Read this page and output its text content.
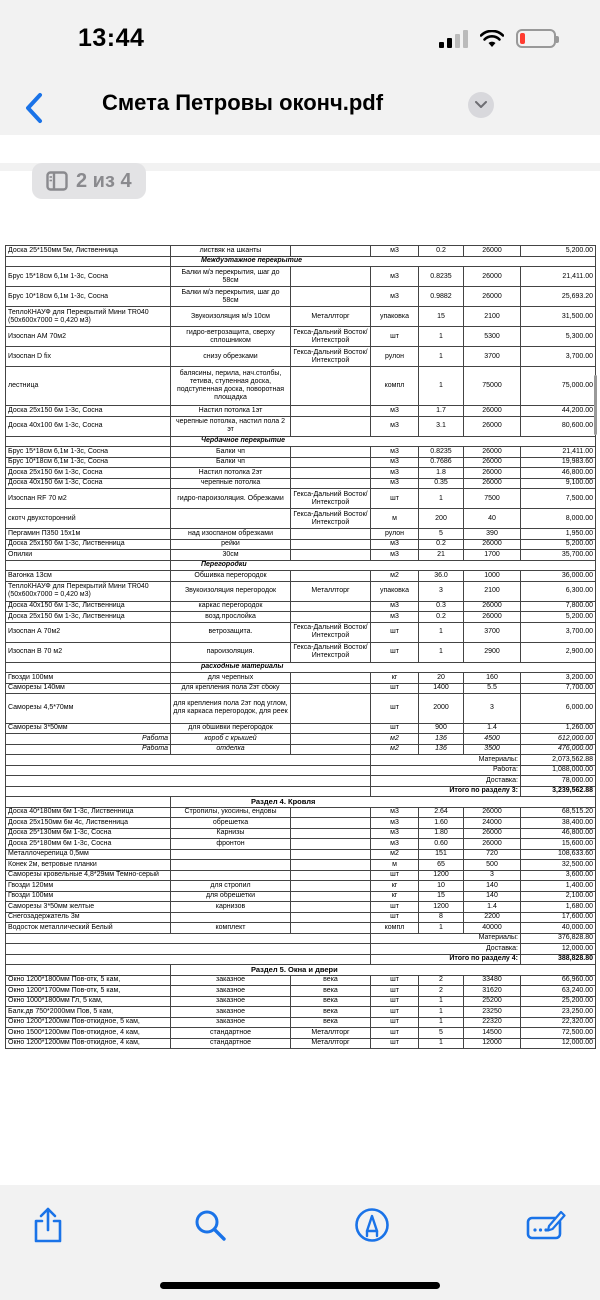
13:44
Смета Петровы оконч.pdf
2 из 4
Доска 25*150мм 5м, Лиственница	листвяк на шканты		м3	0.2	26000	5,200.00
	Междуэтажное перекрытие					
Брус 15*18см 6,1м 1-3с, Сосна	Балки м/э перекрытия, шаг до 58см		м3	0.8235	26000	21,411.00
Брус 10*18см 6,1м 1-3с, Сосна	Балки м/э перекрытия, шаг до 58см		м3	0.9882	26000	25,693.20
ТеплоКНАУФ для Перекрытий Мини TR040 (50х600х7000 = 0,420 м3)	Звукоизоляция м/э 10см	Металлторг	упаковка	15	2100	31,500.00
Изоспан АМ 70м2	гидро-ветрозащита, сверху сплошником	Гекса-Дальний Восток/Интекстрой	шт	1	5300	5,300.00
Изоспан D fix	снизу обрезками	Гекса-Дальний Восток/Интекстрой	рулон	1	3700	3,700.00
лестница	балясины, перила, нач.столбы, тетива, ступенная доска, подступенная доска, поворотная площадка		компл	1	75000	75,000.00
Доска 25х150 6м 1-3с, Сосна	Настил потолка 1эт		м3	1.7	26000	44,200.00
Доска 40х100 6м 1-3с, Сосна	черепные потолка, настил пола 2 эт		м3	3.1	26000	80,600.00
	Чердачное перекрытие					
Брус 15*18см 6,1м 1-3с, Сосна	Балки чп		м3	0.8235	26000	21,411.00
Брус 10*18см 6,1м 1-3с, Сосна	Балки чп		м3	0.7686	26000	19,983.60
Доска 25х150 6м 1-3с, Сосна	Настил потолка 2эт		м3	1.8	26000	46,800.00
Доска 40х150 6м 1-3с, Сосна	черепные потолка		м3	0.35	26000	9,100.00
Изоспан RF 70 м2	гидро-пароизоляция. Обрезками	Гекса-Дальний Восток/Интекстрой	шт	1	7500	7,500.00
скотч двухсторонний		Гекса-Дальний Восток/Интекстрой	м	200	40	8,000.00
Пергамин П350 15х1м	над изоспаном обрезками		рулон	5	390	1,950.00
Доска 25х150 6м 1-3с, Лиственница	рейки		м3	0.2	26000	5,200.00
Опилки	30см		м3	21	1700	35,700.00
	Перегородки					
Вагонка 13см	Обшивка перегородок		м2	36.0	1000	36,000.00
ТеплоКНАУФ для Перекрытий Мини TR040 (50х600х7000 = 0,420 м3)	Звукоизоляция перегородок	Металлторг	упаковка	3	2100	6,300.00
Доска 40х150 6м 1-3с, Лиственница	каркас перегородок		м3	0.3	26000	7,800.00
Доска 25х150 6м 1-3с, Лиственница	возд.прослойка		м3	0.2	26000	5,200.00
Изоспан А 70м2	ветрозащита.	Гекса-Дальний Восток/Интекстрой	шт	1	3700	3,700.00
Изоспан В 70 м2	пароизоляция.	Гекса-Дальний Восток/Интекстрой	шт	1	2900	2,900.00
	расходные материалы					
Гвозди 100мм	для черепных		кг	20	160	3,200.00
Саморезы 140мм	для крепления пола 2эт сбоку		шт	1400	5.5	7,700.00
Саморезы 4,5*70мм	для крепления пола 2эт под углом, для каркаса перегородок, для реек		шт	2000	3	6,000.00
Саморезы 3*50мм	для обшивки перегородок		шт	900	1.4	1,260.00
Работа	короб с крышей		м2	136	4500	612,000.00
Работа	отделка		м2	136	3500	476,000.00
			Материалы:			2,073,562.88
			Работа:			1,088,000.00
			Доставка:			78,000.00
			Итого по разделу 3:			3,239,562.88
	Раздел 4. Кровля					
Доска 40*180мм 6м 1-3с, Лиственница	Стропилы, укосины, ендовы		м3	2.64	26000	68,515.20
Доска 25х150мм 6м 4с, Лиственница	обрешетка		м3	1.60	24000	38,400.00
Доска 25*130мм 6м 1-3с, Сосна	Карнизы		м3	1.80	26000	46,800.00
Доска 25*180мм 6м 1-3с, Сосна	фронтон		м3	0.60	26000	15,600.00
Металлочерепица 0,5мм			м2	151	720	108,633.60
Конек 2м, ветровые планки			м	65	500	32,500.00
Саморезы кровельные 4,8*29мм Темно-серый			шт	1200	3	3,600.00
Гвозди 120мм	для стропил		кг	10	140	1,400.00
Гвозди 100мм	для обрешетки		кг	15	140	2,100.00
Саморезы 3*50мм желтые	карнизов		шт	1200	1.4	1,680.00
Снегозадержатель 3м			шт	8	2200	17,600.00
Водосток металлический Белый	комплект		компл	1	40000	40,000.00
			Материалы:			376,828.80
			Доставка:			12,000.00
			Итого по разделу 4:			388,828.80
	Раздел 5. Окна и двери					
Окно 1200*1800мм Пов-отк, 5 кам,	заказное	века	шт	2	33480	66,960.00
Окно 1200*1700мм Пов-отк, 5 кам,	заказное	века	шт	2	31620	63,240.00
Окно 1000*1800мм Гл, 5 кам,	заказное	века	шт	1	25200	25,200.00
Балк.дв 750*2000мм Пов, 5 кам,	заказное	века	шт	1	23250	23,250.00
Окно 1200*1200мм Пов-откидное, 5 кам,	заказное	века	шт	1	22320	22,320.00
Окно 1500*1200мм Пов-откидное, 4 кам,	стандартное	Металлторг	шт	5	14500	72,500.00
Окно 1200*1200мм Пов-откидное, 4 кам,	стандартное	Металлторг	шт	1	12000	12,000.00
